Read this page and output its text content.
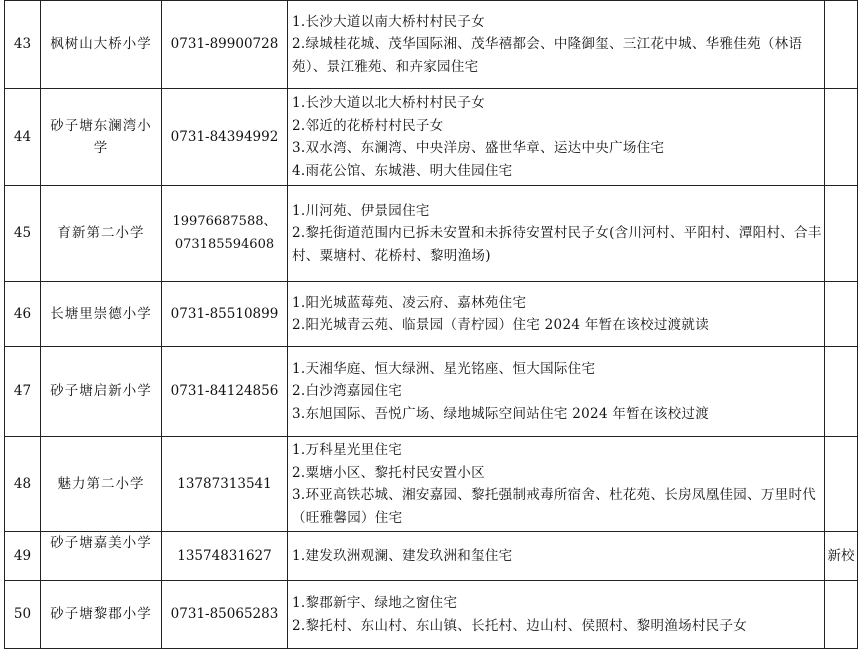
43	枫树山大桥小学	0731-89900728	1.长沙大道以南大桥村村民子女
2.绿城桂花城、茂华国际湘、茂华禧都会、中隆御玺、三江花中城、华雅佳苑（林语苑）、景江雅苑、和卉家园住宅	

44	砂子塘东澜湾小学	0731-84394992	1.长沙大道以北大桥村村民子女
2.邻近的花桥村村民子女
3.双水湾、东澜湾、中央洋房、盛世华章、运达中央广场住宅
4.雨花公馆、东城港、明大佳园住宅	

45	育新第二小学	19976687588、073185594608	1.川河苑、伊景园住宅
2.黎托街道范围内已拆未安置和未拆待安置村民子女(含川河村、平阳村、潭阳村、合丰村、粟塘村、花桥村、黎明渔场)	

46	长塘里崇德小学	0731-85510899	1.阳光城蓝莓苑、凌云府、嘉林苑住宅
2.阳光城青云苑、临景园（青柠园）住宅 2024 年暂在该校过渡就读	

47	砂子塘启新小学	0731-84124856	1.天湘华庭、恒大绿洲、星光铭座、恒大国际住宅
2.白沙湾嘉园住宅
3.东旭国际、吾悦广场、绿地城际空间站住宅 2024 年暂在该校过渡	

48	魅力第二小学	13787313541	1.万科星光里住宅
2.粟塘小区、黎托村民安置小区
3.环亚高铁芯城、湘安嘉园、黎托强制戒毒所宿舍、杜花苑、长房凤凰佳园、万里时代（旺雅馨园）住宅	

49	砂子塘嘉美小学	13574831627	1.建发玖洲观澜、建发玖洲和玺住宅	新校
50	砂子塘黎郡小学	0731-85065283	1.黎郡新宇、绿地之窗住宅
2.黎托村、东山村、东山镇、长托村、边山村、侯照村、黎明渔场村民子女	
